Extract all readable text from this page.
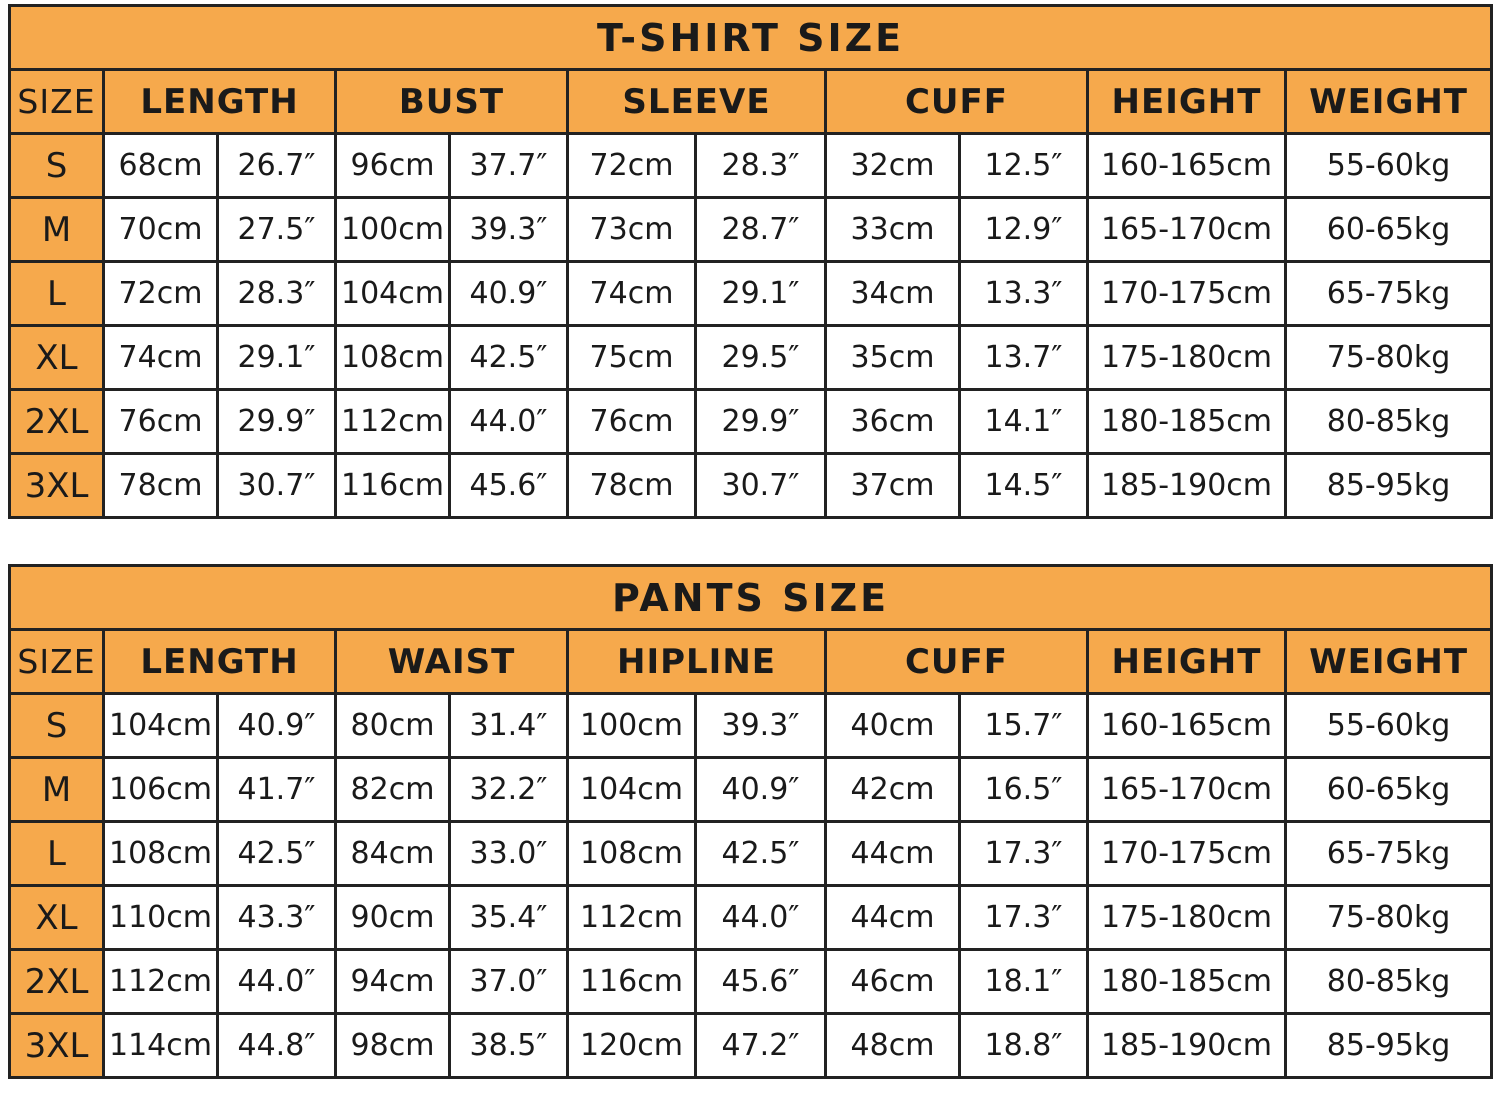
T-SHIRT SIZE										
SIZE	LENGTH		BUST		SLEEVE		CUFF		HEIGHT	WEIGHT
S	68cm	26.7″	96cm	37.7″	72cm	28.3″	32cm	12.5″	160-165cm	55-60kg
M	70cm	27.5″	100cm	39.3″	73cm	28.7″	33cm	12.9″	165-170cm	60-65kg
L	72cm	28.3″	104cm	40.9″	74cm	29.1″	34cm	13.3″	170-175cm	65-75kg
XL	74cm	29.1″	108cm	42.5″	75cm	29.5″	35cm	13.7″	175-180cm	75-80kg
2XL	76cm	29.9″	112cm	44.0″	76cm	29.9″	36cm	14.1″	180-185cm	80-85kg
3XL	78cm	30.7″	116cm	45.6″	78cm	30.7″	37cm	14.5″	185-190cm	85-95kg
PANTS SIZE										
SIZE	LENGTH		WAIST		HIPLINE		CUFF		HEIGHT	WEIGHT
S	104cm	40.9″	80cm	31.4″	100cm	39.3″	40cm	15.7″	160-165cm	55-60kg
M	106cm	41.7″	82cm	32.2″	104cm	40.9″	42cm	16.5″	165-170cm	60-65kg
L	108cm	42.5″	84cm	33.0″	108cm	42.5″	44cm	17.3″	170-175cm	65-75kg
XL	110cm	43.3″	90cm	35.4″	112cm	44.0″	44cm	17.3″	175-180cm	75-80kg
2XL	112cm	44.0″	94cm	37.0″	116cm	45.6″	46cm	18.1″	180-185cm	80-85kg
3XL	114cm	44.8″	98cm	38.5″	120cm	47.2″	48cm	18.8″	185-190cm	85-95kg
